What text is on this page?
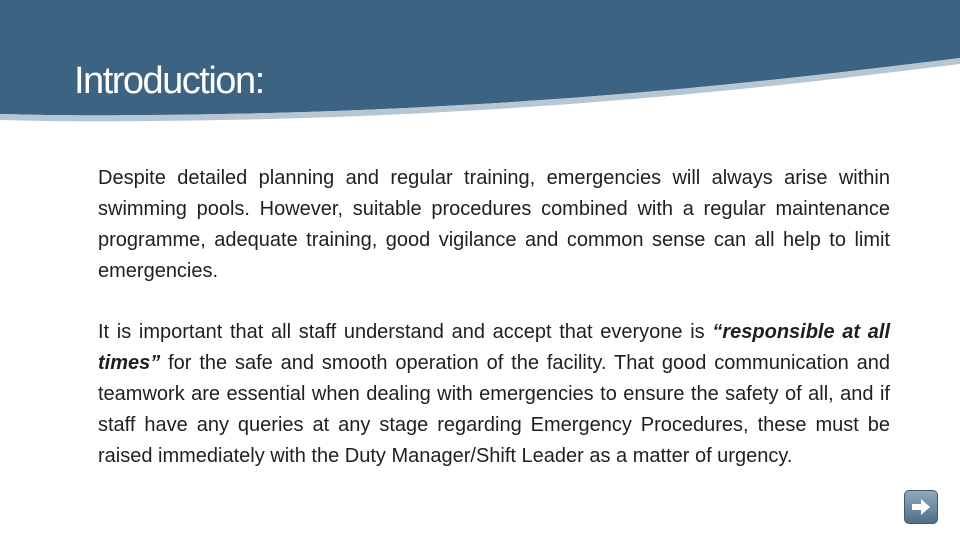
Introduction:

Despite detailed planning and regular training, emergencies will always arise within swimming pools. However, suitable procedures combined with a regular maintenance programme, adequate training, good vigilance and common sense can all help to limit emergencies.

It is important that all staff understand and accept that everyone is “responsible at all times” for the safe and smooth operation of the facility. That good communication and teamwork are essential when dealing with emergencies to ensure the safety of all, and if staff have any queries at any stage regarding Emergency Procedures, these must be raised immediately with the Duty Manager/Shift Leader as a matter of urgency.
